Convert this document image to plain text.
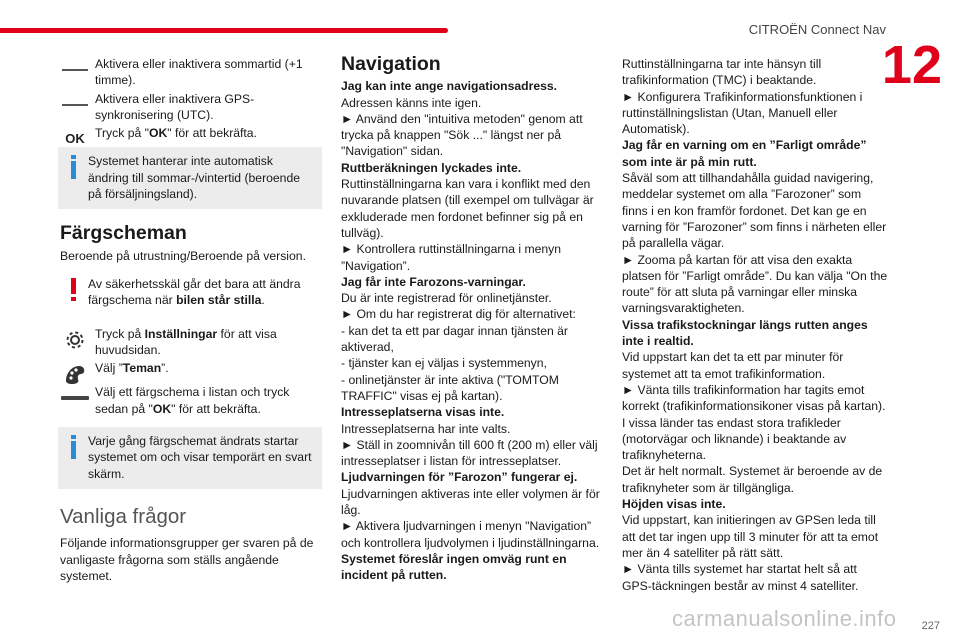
CITROËN Connect Nav
12
Aktivera eller inaktivera sommartid (+1 timme).
Aktivera eller inaktivera GPS-synkronisering (UTC).
OK Tryck på "OK" för att bekräfta.

Systemet hanterar inte automatisk ändring till sommar-/vintertid (beroende på försäljningsland).

Färgscheman

Beroende på utrustning/Beroende på version.

Av säkerhetsskäl går det bara att ändra färgschema när bilen står stilla.

Tryck på Inställningar för att visa huvudsidan.
Välj ”Teman”.
Välj ett färgschema i listan och tryck sedan på "OK" för att bekräfta.

Varje gång färgschemat ändrats startar systemet om och visar temporärt en svart skärm.

Vanliga frågor

Följande informationsgrupper ger svaren på de vanligaste frågorna som ställs angående systemet.

Navigation

Jag kan inte ange navigationsadress.

Adressen känns inte igen.

► Använd den "intuitiva metoden" genom att trycka på knappen "Sök ..." längst ner på "Navigation" sidan.

Ruttberäkningen lyckades inte.

Ruttinställningarna kan vara i konflikt med den nuvarande platsen (till exempel om tullvägar är exkluderade men fordonet befinner sig på en tullväg).

► Kontrollera ruttinställningarna i menyn ”Navigation”.

Jag får inte Farozons-varningar.

Du är inte registrerad för onlinetjänster.

► Om du har registrerat dig för alternativet:

- kan det ta ett par dagar innan tjänsten är aktiverad,

- tjänster kan ej väljas i systemmenyn,

- onlinetjänster är inte aktiva ("TOMTOM TRAFFIC" visas ej på kartan).

Intresseplatserna visas inte.

Intresseplatserna har inte valts.

► Ställ in zoomnivån till 600 ft (200 m) eller välj intresseplatser i listan för intresseplatser.

Ljudvarningen för ”Farozon” fungerar ej.

Ljudvarningen aktiveras inte eller volymen är för låg.

► Aktivera ljudvarningen i menyn "Navigation” och kontrollera ljudvolymen i ljudinställningarna.

Systemet föreslår ingen omväg runt en incident på rutten.

Ruttinställningarna tar inte hänsyn till trafikinformation (TMC) i beaktande.

► Konfigurera Trafikinformationsfunktionen i ruttinställningslistan (Utan, Manuell eller Automatisk).

Jag får en varning om en ”Farligt område” som inte är på min rutt.

Såväl som att tillhandahålla guidad navigering, meddelar systemet om alla ”Farozoner” som finns i en kon framför fordonet. Det kan ge en varning för ”Farozoner” som finns i närheten eller på parallella vägar.

► Zooma på kartan för att visa den exakta platsen för ”Farligt område”. Du kan välja "On the route” för att sluta på varningar eller minska varningsvaraktigheten.

Vissa trafikstockningar längs rutten anges inte i realtid.

Vid uppstart kan det ta ett par minuter för systemet att ta emot trafikinformation.

► Vänta tills trafikinformation har tagits emot korrekt (trafikinformationsikoner visas på kartan).

I vissa länder tas endast stora trafikleder (motorvägar och liknande) i beaktande av trafiknyheterna.

Det är helt normalt. Systemet är beroende av de trafiknyheter som är tillgängliga.

Höjden visas inte.

Vid uppstart, kan initieringen av GPSen leda till att det tar ingen upp till 3 minuter för att ta emot mer än 4 satelliter på rätt sätt.

► Vänta tills systemet har startat helt så att GPS-täckningen består av minst 4 satelliter.

227
carmanualsonline.info
